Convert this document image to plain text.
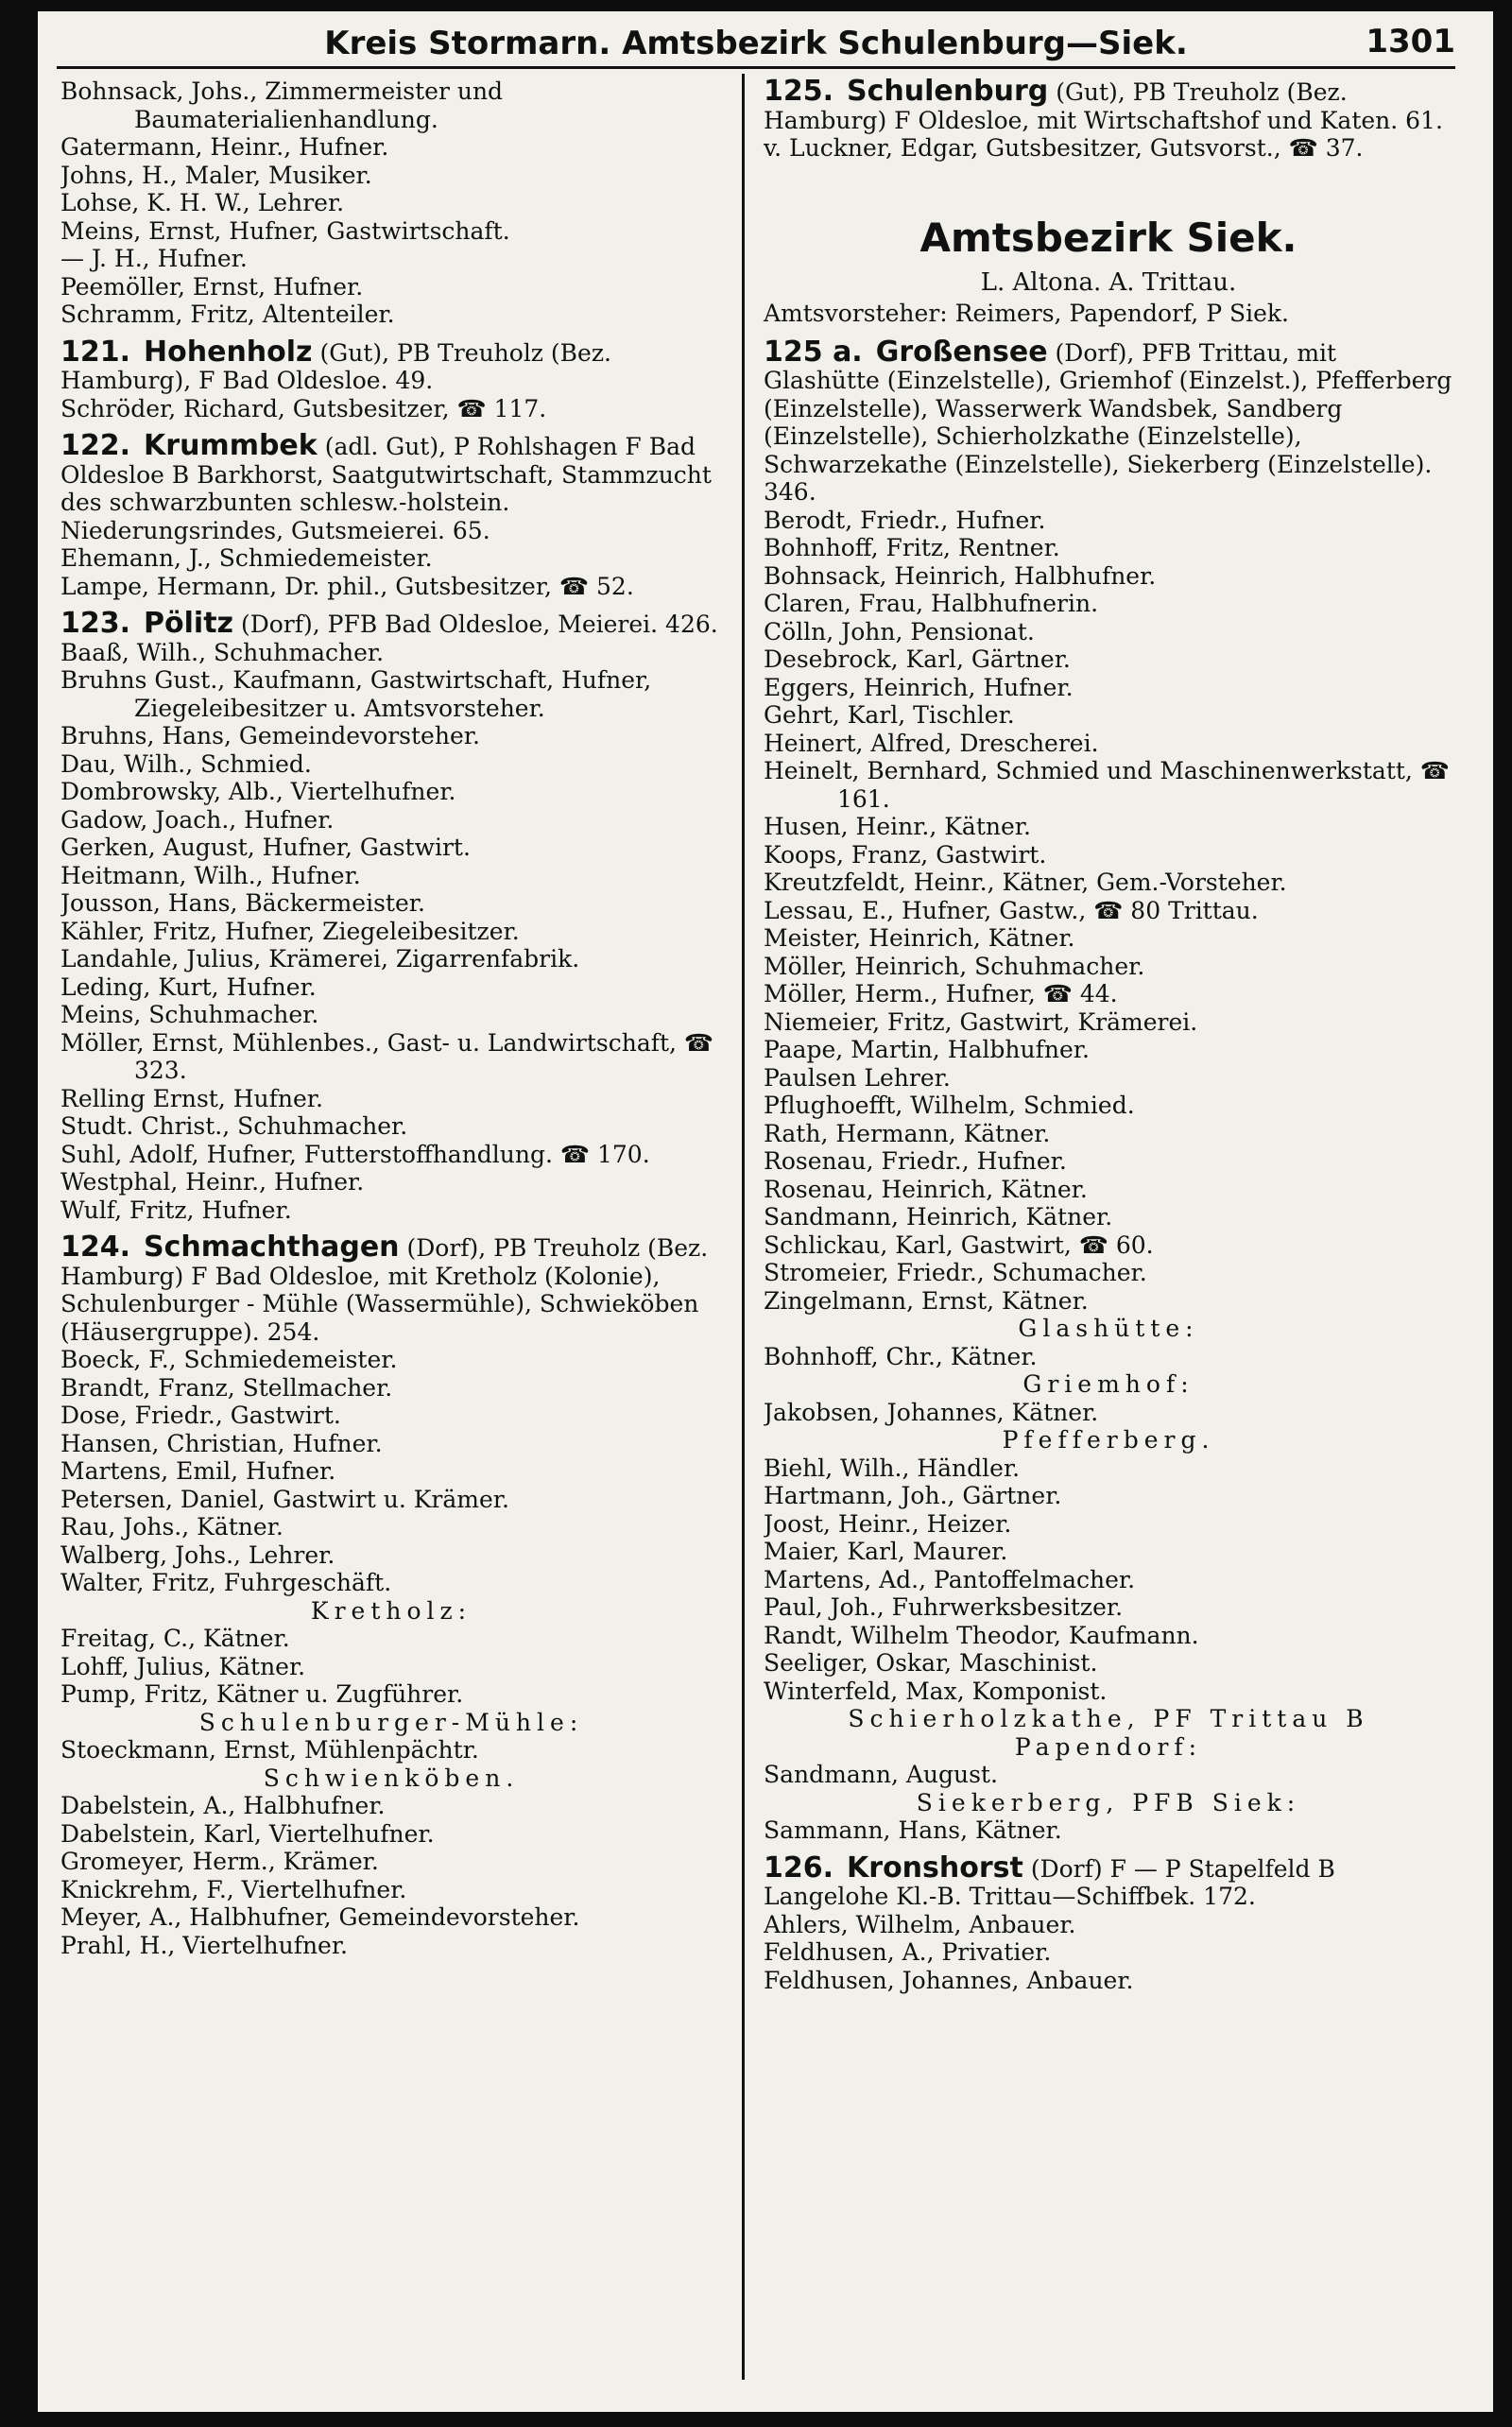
Kreis Stormarn. Amtsbezirk Schulenburg—Siek.	1301
Bohnsack, Johs., Zimmermeister und Baumaterialienhandlung.
Gatermann, Heinr., Hufner.
Johns, H., Maler, Musiker.
Lohse, K. H. W., Lehrer.
Meins, Ernst, Hufner, Gastwirtschaft.
— J. H., Hufner.
Peemöller, Ernst, Hufner.
Schramm, Fritz, Altenteiler.
121. Hohenholz (Gut), PB Treuholz (Bez. Hamburg), F Bad Oldesloe. 49.
Schröder, Richard, Gutsbesitzer, ☎ 117.
122. Krummbek (adl. Gut), P Rohlshagen F Bad Oldesloe B Barkhorst, Saatgutwirtschaft, Stammzucht des schwarzbunten schlesw.-holstein. Niederungsrindes, Gutsmeierei. 65.
Ehemann, J., Schmiedemeister.
Lampe, Hermann, Dr. phil., Gutsbesitzer, ☎ 52.
123. Pölitz (Dorf), PFB Bad Oldesloe, Meierei. 426.
Baaß, Wilh., Schuhmacher.
Bruhns Gust., Kaufmann, Gastwirtschaft, Hufner, Ziegeleibesitzer u. Amtsvorsteher.
Bruhns, Hans, Gemeindevorsteher.
Dau, Wilh., Schmied.
Dombrowsky, Alb., Viertelhufner.
Gadow, Joach., Hufner.
Gerken, August, Hufner, Gastwirt.
Heitmann, Wilh., Hufner.
Jousson, Hans, Bäckermeister.
Kähler, Fritz, Hufner, Ziegeleibesitzer.
Landahle, Julius, Krämerei, Zigarrenfabrik.
Leding, Kurt, Hufner.
Meins, Schuhmacher.
Möller, Ernst, Mühlenbes., Gast- u. Landwirtschaft, ☎ 323.
Relling Ernst, Hufner.
Studt. Christ., Schuhmacher.
Suhl, Adolf, Hufner, Futterstoffhandlung. ☎ 170.
Westphal, Heinr., Hufner.
Wulf, Fritz, Hufner.
124. Schmachthagen (Dorf), PB Treuholz (Bez. Hamburg) F Bad Oldesloe, mit Kretholz (Kolonie), Schulenburger - Mühle (Wassermühle), Schwieköben (Häusergruppe). 254.
Boeck, F., Schmiedemeister.
Brandt, Franz, Stellmacher.
Dose, Friedr., Gastwirt.
Hansen, Christian, Hufner.
Martens, Emil, Hufner.
Petersen, Daniel, Gastwirt u. Krämer.
Rau, Johs., Kätner.
Walberg, Johs., Lehrer.
Walter, Fritz, Fuhrgeschäft.
Kretholz:
Freitag, C., Kätner.
Lohff, Julius, Kätner.
Pump, Fritz, Kätner u. Zugführer.
Schulenburger-Mühle:
Stoeckmann, Ernst, Mühlenpächtr.
Schwienköben.
Dabelstein, A., Halbhufner.
Dabelstein, Karl, Viertelhufner.
Gromeyer, Herm., Krämer.
Knickrehm, F., Viertelhufner.
Meyer, A., Halbhufner, Gemeindevorsteher.
Prahl, H., Viertelhufner.
125. Schulenburg (Gut), PB Treuholz (Bez. Hamburg) F Oldesloe, mit Wirtschaftshof und Katen. 61.
v. Luckner, Edgar, Gutsbesitzer, Gutsvorst., ☎ 37.
Amtsbezirk Siek.
L. Altona. A. Trittau.
Amtsvorsteher: Reimers, Papendorf, P Siek.
125 a. Großensee (Dorf), PFB Trittau, mit Glashütte (Einzelstelle), Griemhof (Einzelst.), Pfefferberg (Einzelstelle), Wasserwerk Wandsbek, Sandberg (Einzelstelle), Schierholzkathe (Einzelstelle), Schwarzekathe (Einzelstelle), Siekerberg (Einzelstelle). 346.
Berodt, Friedr., Hufner.
Bohnhoff, Fritz, Rentner.
Bohnsack, Heinrich, Halbhufner.
Claren, Frau, Halbhufnerin.
Cölln, John, Pensionat.
Desebrock, Karl, Gärtner.
Eggers, Heinrich, Hufner.
Gehrt, Karl, Tischler.
Heinert, Alfred, Drescherei.
Heinelt, Bernhard, Schmied und Maschinenwerkstatt, ☎ 161.
Husen, Heinr., Kätner.
Koops, Franz, Gastwirt.
Kreutzfeldt, Heinr., Kätner, Gem.-Vorsteher.
Lessau, E., Hufner, Gastw., ☎ 80 Trittau.
Meister, Heinrich, Kätner.
Möller, Heinrich, Schuhmacher.
Möller, Herm., Hufner, ☎ 44.
Niemeier, Fritz, Gastwirt, Krämerei.
Paape, Martin, Halbhufner.
Paulsen Lehrer.
Pflughoefft, Wilhelm, Schmied.
Rath, Hermann, Kätner.
Rosenau, Friedr., Hufner.
Rosenau, Heinrich, Kätner.
Sandmann, Heinrich, Kätner.
Schlickau, Karl, Gastwirt, ☎ 60.
Stromeier, Friedr., Schumacher.
Zingelmann, Ernst, Kätner.
Glashütte:
Bohnhoff, Chr., Kätner.
Griemhof:
Jakobsen, Johannes, Kätner.
Pfefferberg.
Biehl, Wilh., Händler.
Hartmann, Joh., Gärtner.
Joost, Heinr., Heizer.
Maier, Karl, Maurer.
Martens, Ad., Pantoffelmacher.
Paul, Joh., Fuhrwerksbesitzer.
Randt, Wilhelm Theodor, Kaufmann.
Seeliger, Oskar, Maschinist.
Winterfeld, Max, Komponist.
Schierholzkathe, PF Trittau B Papendorf:
Sandmann, August.
Siekerberg, PFB Siek:
Sammann, Hans, Kätner.
126. Kronshorst (Dorf) F — P Stapelfeld B Langelohe Kl.-B. Trittau—Schiffbek. 172.
Ahlers, Wilhelm, Anbauer.
Feldhusen, A., Privatier.
Feldhusen, Johannes, Anbauer.
